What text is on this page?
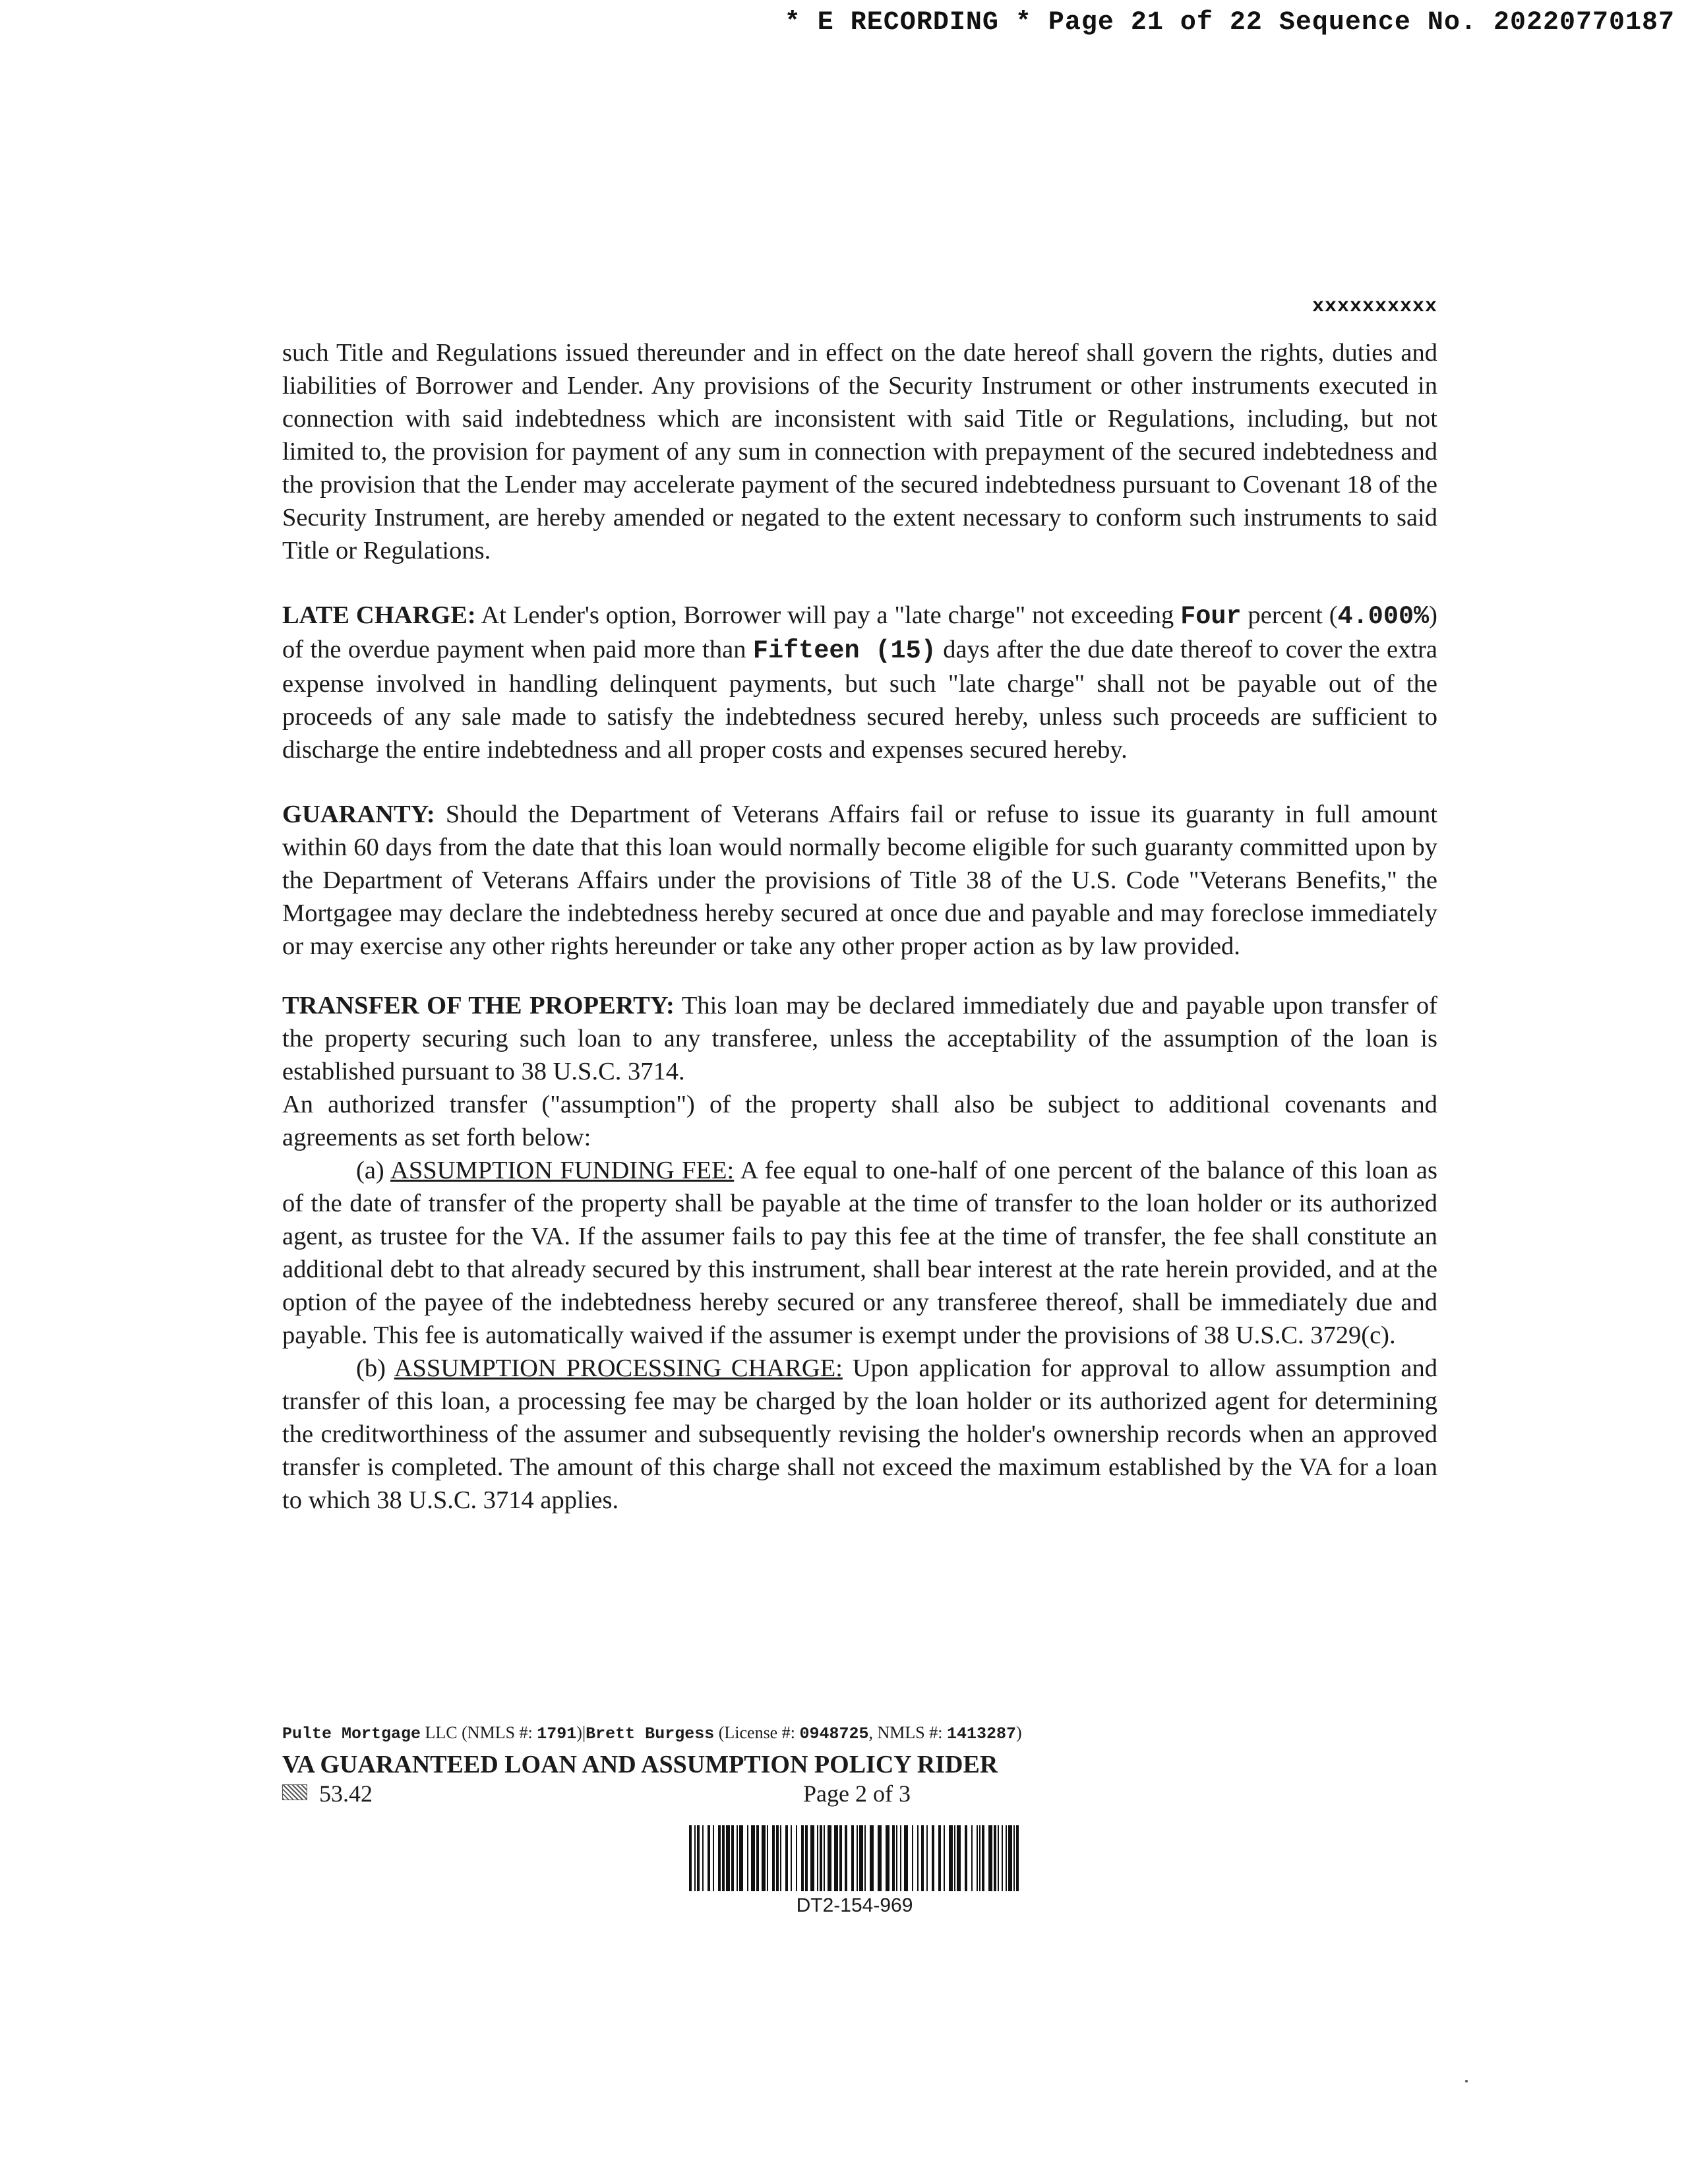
* E RECORDING * Page 21 of 22 Sequence No. 20220770187
xxxxxxxxxx

such Title and Regulations issued thereunder and in effect on the date hereof shall govern the rights, duties and liabilities of Borrower and Lender. Any provisions of the Security Instrument or other instruments executed in connection with said indebtedness which are inconsistent with said Title or Regulations, including, but not limited to, the provision for payment of any sum in connection with prepayment of the secured indebtedness and the provision that the Lender may accelerate payment of the secured indebtedness pursuant to Covenant 18 of the Security Instrument, are hereby amended or negated to the extent necessary to conform such instruments to said Title or Regulations.

LATE CHARGE: At Lender's option, Borrower will pay a "late charge" not exceeding Four percent (4.000%) of the overdue payment when paid more than Fifteen (15) days after the due date thereof to cover the extra expense involved in handling delinquent payments, but such "late charge" shall not be payable out of the proceeds of any sale made to satisfy the indebtedness secured hereby, unless such proceeds are sufficient to discharge the entire indebtedness and all proper costs and expenses secured hereby.

GUARANTY: Should the Department of Veterans Affairs fail or refuse to issue its guaranty in full amount within 60 days from the date that this loan would normally become eligible for such guaranty committed upon by the Department of Veterans Affairs under the provisions of Title 38 of the U.S. Code "Veterans Benefits," the Mortgagee may declare the indebtedness hereby secured at once due and payable and may foreclose immediately or may exercise any other rights hereunder or take any other proper action as by law provided.

TRANSFER OF THE PROPERTY: This loan may be declared immediately due and payable upon transfer of the property securing such loan to any transferee, unless the acceptability of the assumption of the loan is established pursuant to 38 U.S.C. 3714.

An authorized transfer ("assumption") of the property shall also be subject to additional covenants and agreements as set forth below:

(a) ASSUMPTION FUNDING FEE: A fee equal to one-half of one percent of the balance of this loan as of the date of transfer of the property shall be payable at the time of transfer to the loan holder or its authorized agent, as trustee for the VA. If the assumer fails to pay this fee at the time of transfer, the fee shall constitute an additional debt to that already secured by this instrument, shall bear interest at the rate herein provided, and at the option of the payee of the indebtedness hereby secured or any transferee thereof, shall be immediately due and payable. This fee is automatically waived if the assumer is exempt under the provisions of 38 U.S.C. 3729(c).

(b) ASSUMPTION PROCESSING CHARGE: Upon application for approval to allow assumption and transfer of this loan, a processing fee may be charged by the loan holder or its authorized agent for determining the creditworthiness of the assumer and subsequently revising the holder's ownership records when an approved transfer is completed. The amount of this charge shall not exceed the maximum established by the VA for a loan to which 38 U.S.C. 3714 applies.

Pulte Mortgage LLC (NMLS #: 1791)|Brett Burgess (License #: 0948725, NMLS #: 1413287)
VA GUARANTEED LOAN AND ASSUMPTION POLICY RIDER
53.42	Page 2 of 3
DT2-154-969
